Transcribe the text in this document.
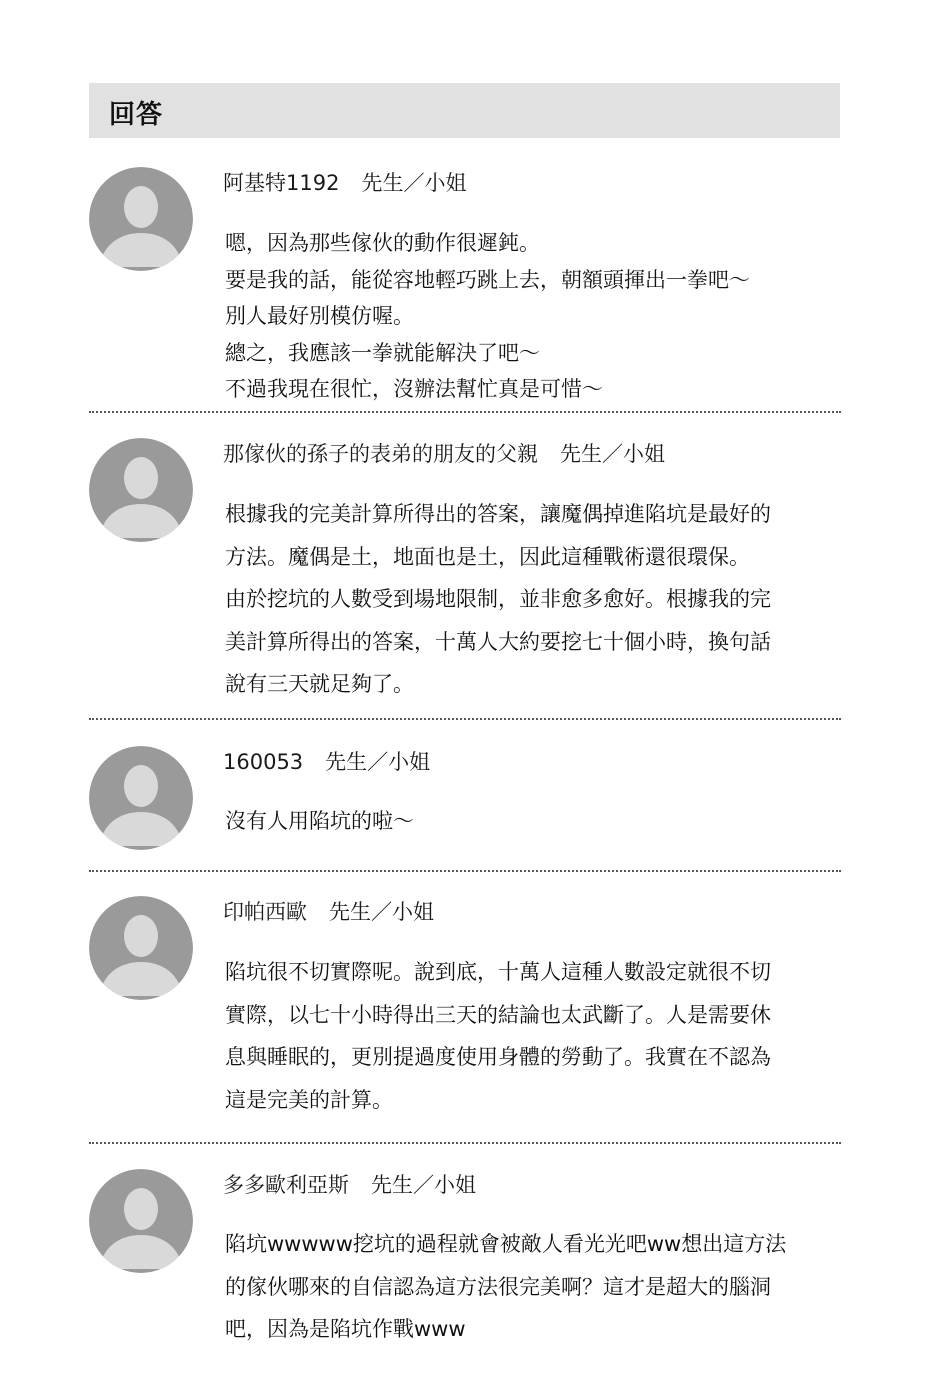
回答
阿基特1192 先生／小姐
嗯，因為那些傢伙的動作很遲鈍。
要是我的話，能從容地輕巧跳上去，朝額頭揮出一拳吧～
別人最好別模仿喔。
總之，我應該一拳就能解決了吧～
不過我現在很忙，沒辦法幫忙真是可惜～
那傢伙的孫子的表弟的朋友的父親 先生／小姐
根據我的完美計算所得出的答案，讓魔偶掉進陷坑是最好的
方法。魔偶是土，地面也是土，因此這種戰術還很環保。
由於挖坑的人數受到場地限制，並非愈多愈好。根據我的完
美計算所得出的答案，十萬人大約要挖七十個小時，換句話
說有三天就足夠了。
160053 先生／小姐
沒有人用陷坑的啦～
印帕西歐 先生／小姐
陷坑很不切實際呢。說到底，十萬人這種人數設定就很不切
實際，以七十小時得出三天的結論也太武斷了。人是需要休
息與睡眠的，更別提過度使用身體的勞動了。我實在不認為
這是完美的計算。
多多歐利亞斯 先生／小姐
陷坑wwwww挖坑的過程就會被敵人看光光吧ww想出這方法
的傢伙哪來的自信認為這方法很完美啊？這才是超大的腦洞
吧，因為是陷坑作戰www
